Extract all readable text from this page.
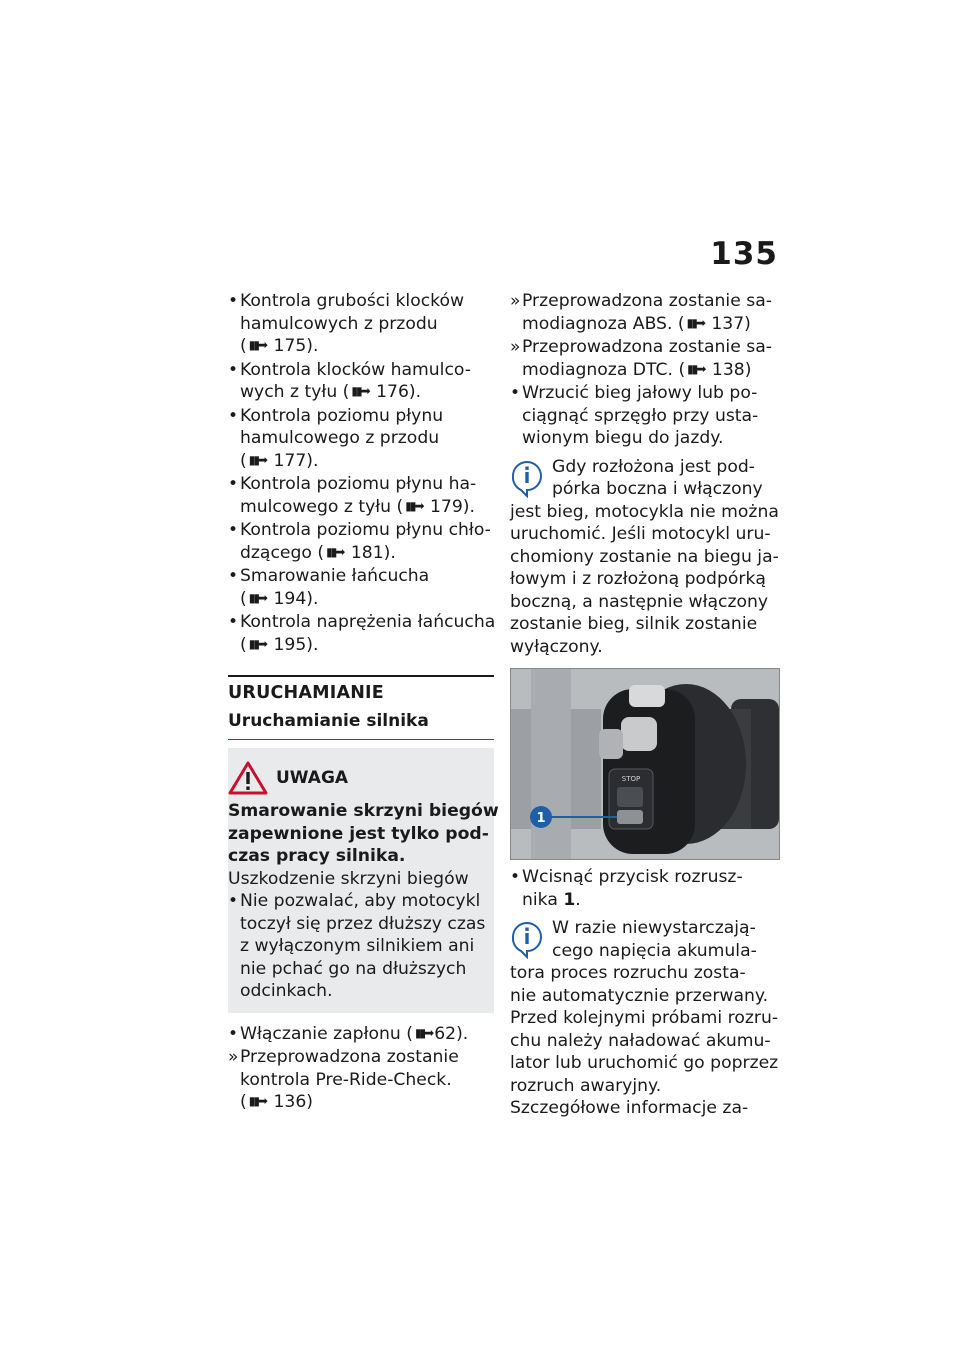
135
• Kontrola grubości klocków
hamulcowych z przodu
( ▮▮➡ 175).
• Kontrola klocków hamulco-
wych z tyłu ( ▮▮➡ 176).
• Kontrola poziomu płynu
hamulcowego z przodu
( ▮▮➡ 177).
• Kontrola poziomu płynu ha-
mulcowego z tyłu ( ▮▮➡ 179).
• Kontrola poziomu płynu chło-
dzącego ( ▮▮➡ 181).
• Smarowanie łańcucha
( ▮▮➡ 194).
• Kontrola naprężenia łańcucha
( ▮▮➡ 195).
URUCHAMIANIE
Uruchamianie silnika
UWAGA
Smarowanie skrzyni biegów
zapewnione jest tylko pod-
czas pracy silnika.
Uszkodzenie skrzyni biegów
• Nie pozwalać, aby motocykl
toczył się przez dłuższy czas
z wyłączonym silnikiem ani
nie pchać go na dłuższych
odcinkach.
• Włączanie zapłonu ( ▮▮➡ 62).
» Przeprowadzona zostanie
kontrola Pre-Ride-Check.
( ▮▮➡ 136)
» Przeprowadzona zostanie sa-
modiagnoza ABS. ( ▮▮➡ 137)
» Przeprowadzona zostanie sa-
modiagnoza DTC. ( ▮▮➡ 138)
• Wrzucić bieg jałowy lub po-
ciągnąć sprzęgło przy usta-
wionym biegu do jazdy.
Gdy rozłożona jest pod-
pórka boczna i włączony
jest bieg, motocykla nie można
uruchomić. Jeśli motocykl uru-
chomiony zostanie na biegu ja-
łowym i z rozłożoną podpórką
boczną, a następnie włączony
zostanie bieg, silnik zostanie
wyłączony.
STOP
1
• Wcisnąć przycisk rozrusz-
nika 1.
W razie niewystarczają-
cego napięcia akumula-
tora proces rozruchu zosta-
nie automatycznie przerwany.
Przed kolejnymi próbami rozru-
chu należy naładować akumu-
lator lub uruchomić go poprzez
rozruch awaryjny.
Szczegółowe informacje za-
